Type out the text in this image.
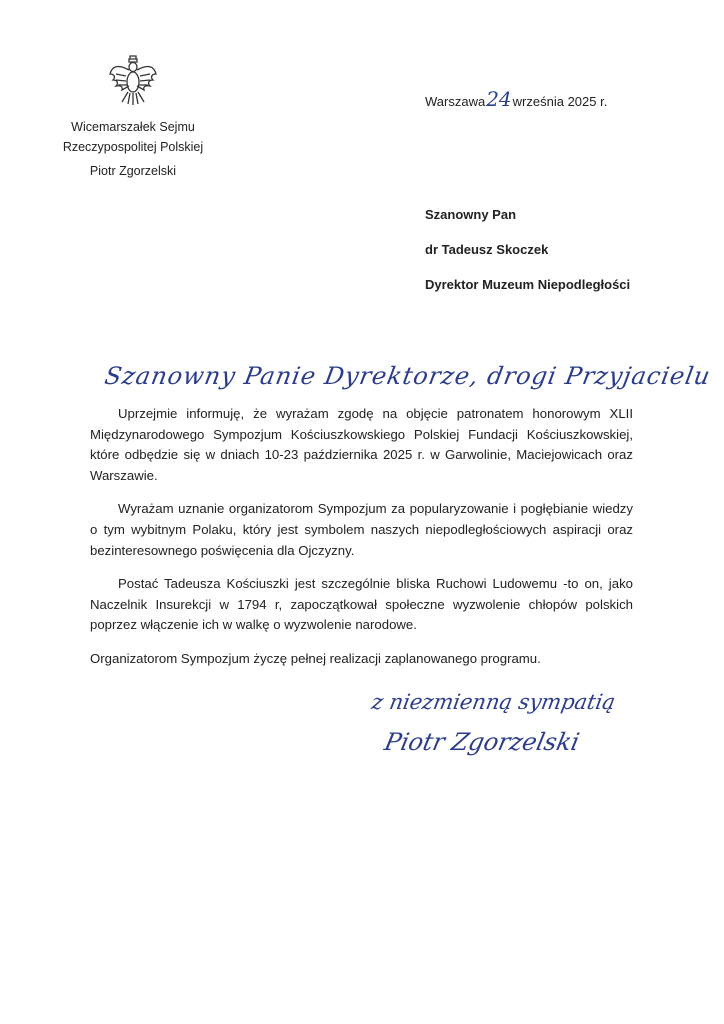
Wicemarszałek Sejmu
Rzeczypospolitej Polskiej
Piotr Zgorzelski
Warszawa24września 2025 r.
Szanowny Pan
dr Tadeusz Skoczek
Dyrektor Muzeum Niepodległości
Szanowny Panie Dyrektorze, drogi Przyjacielu

Uprzejmie informuję, że wyrażam zgodę na objęcie patronatem honorowym XLII Międzynarodowego Sympozjum Kościuszkowskiego Polskiej Fundacji Kościuszkowskiej, które odbędzie się w dniach 10-23 października 2025 r. w Garwolinie, Maciejowicach oraz Warszawie.

Wyrażam uznanie organizatorom Sympozjum za popularyzowanie i pogłębianie wiedzy o tym wybitnym Polaku, który jest symbolem naszych niepodległościowych aspiracji oraz bezinteresownego poświęcenia dla Ojczyzny.

Postać Tadeusza Kościuszki jest szczególnie bliska Ruchowi Ludowemu -to on, jako Naczelnik Insurekcji w 1794 r, zapoczątkował społeczne wyzwolenie chłopów polskich poprzez włączenie ich w walkę o wyzwolenie narodowe.

Organizatorom Sympozjum życzę pełnej realizacji zaplanowanego programu.

z niezmienną sympatią
Piotr Zgorzelski
